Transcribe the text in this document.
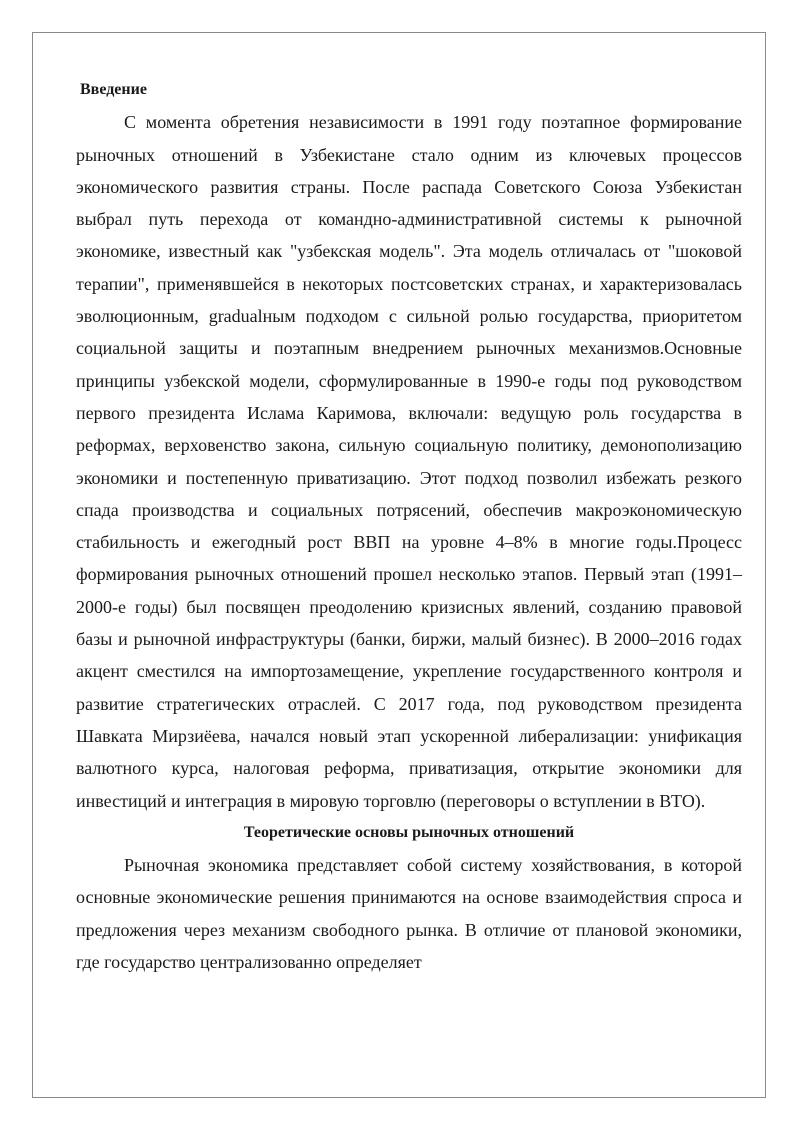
Введение

С момента обретения независимости в 1991 году поэтапное формирование рыночных отношений в Узбекистане стало одним из ключевых процессов экономического развития страны. После распада Советского Союза Узбекистан выбрал путь перехода от командно-административной системы к рыночной экономике, известный как "узбекская модель". Эта модель отличалась от "шоковой терапии", применявшейся в некоторых постсоветских странах, и характеризовалась эволюционным, gradualным подходом с сильной ролью государства, приоритетом социальной защиты и поэтапным внедрением рыночных механизмов.Основные принципы узбекской модели, сформулированные в 1990-е годы под руководством первого президента Ислама Каримова, включали: ведущую роль государства в реформах, верховенство закона, сильную социальную политику, демонополизацию экономики и постепенную приватизацию. Этот подход позволил избежать резкого спада производства и социальных потрясений, обеспечив макроэкономическую стабильность и ежегодный рост ВВП на уровне 4–8% в многие годы.Процесс формирования рыночных отношений прошел несколько этапов. Первый этап (1991–2000-е годы) был посвящен преодолению кризисных явлений, созданию правовой базы и рыночной инфраструктуры (банки, биржи, малый бизнес). В 2000–2016 годах акцент сместился на импортозамещение, укрепление государственного контроля и развитие стратегических отраслей. С 2017 года, под руководством президента Шавката Мирзиёева, начался новый этап ускоренной либерализации: унификация валютного курса, налоговая реформа, приватизация, открытие экономики для инвестиций и интеграция в мировую торговлю (переговоры о вступлении в ВТО).

Теоретические основы рыночных отношений

Рыночная экономика представляет собой систему хозяйствования, в которой основные экономические решения принимаются на основе взаимодействия спроса и предложения через механизм свободного рынка. В отличие от плановой экономики, где государство централизованно определяет
